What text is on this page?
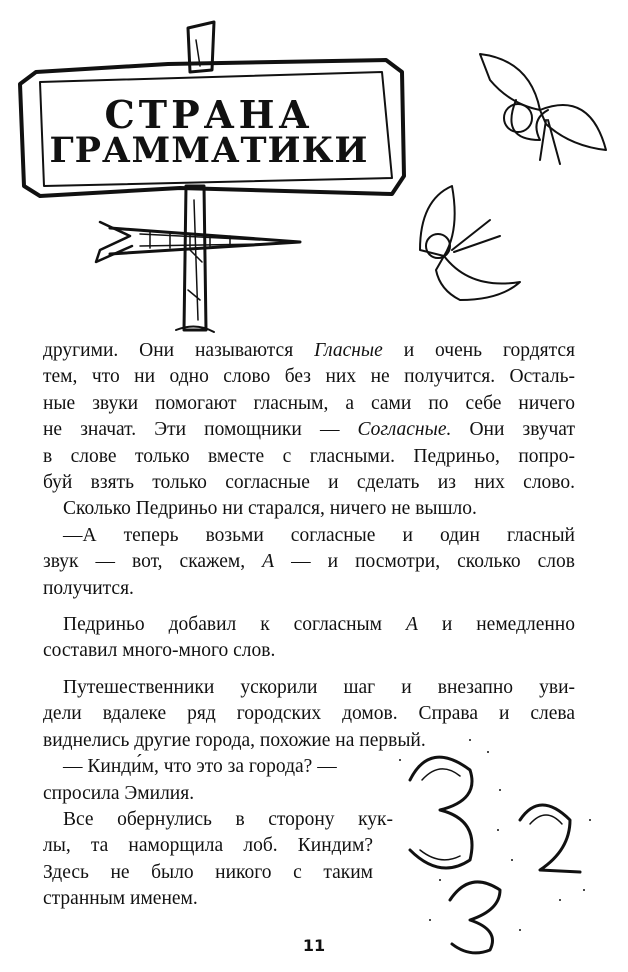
СТРАНА
ГРАММАТИКИ
другими. Они называются Гласные и очень гордятся
тем, что ни одно слово без них не получится. Осталь-
ные звуки помогают гласным, а сами по себе ничего
не значат. Эти помощники — Согласные. Они звучат
в слове только вместе с гласными. Педриньо, попро-
буй взять только согласные и сделать из них слово.
Сколько Педриньо ни старался, ничего не вышло.
—А теперь возьми согласные и один гласный
звук — вот, скажем, А — и посмотри, сколько слов
получится.
Педриньо добавил к согласным А и немедленно
составил много-много слов.
Путешественники ускорили шаг и внезапно уви-
дели вдалеке ряд городских домов. Справа и слева
виднелись другие города, похожие на первый.
— Кинди́м, что это за города? —
спросила Эмилия.
Все обернулись в сторону кук-
лы, та наморщила лоб. Киндим?
Здесь не было никого с таким
странным именем.
11
